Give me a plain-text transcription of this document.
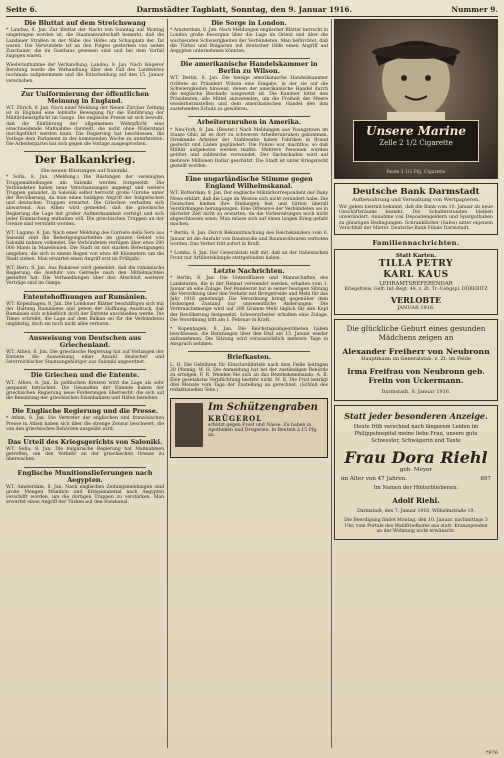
Seite 6.	Darmstädter Tagblatt, Sonntag, den 9. Januar 1916.	Nummer 9.
Die Bluttat auf dem Streichswang
* Landau, 8. Jan. Zur Bluttat der Nacht von Sonntag auf Montag eingetragen worden ist, die Staatsanwaltschaft bemerkt, daß die Landauer Straßen in der Nähe des Hofes am Schauplatz der Tat waren. Die Verwundete ist an den Folgen gestorben von seiten Zuschauer, die im Gasthaus gewesen sind und bei dem Vorfall zugegen waren.
Wiederaufnahme der Verhandlung. Landau, 8. Jan. Nach längerer Beratung wurde die Verhandlung über den Fall des Landwirtes nochmals aufgenommen und die Entscheidung auf den 15. Januar verschoben.
Zur Uniformierung der öffentlichen Meinung in England.
W.T. Zürich, 8. Jan. Nach einer Meldung der Neuen Zürcher Zeitung ist in England eine lebhafte Bewegung für die Einführung der Militärdienstpflicht im Gange. Die englische Presse ist sich bewußt, daß die Einführung der allgemeinen Wehrpflicht eine einschneidende Maßnahme darstellt, die nicht ohne Widerstand durchgeführt werden kann. Die Regierung hat beschlossen, die Vorlage dem Parlament in der kommenden Woche zu unterbreiten. Die Arbeiterpartei hat sich gegen die Vorlage ausgesprochen.
Der Balkankrieg.
Die neuen Rüstungen auf Saloniki.
* Sofia, 8. Jan. (Meldung.) Die Rüstungen der vereinigten Truppenabteilungen um Saloniki werden fortgesetzt. Die Verbündeten haben neue Verschanzungen angelegt und weitere Truppen gelandet. In Saloniki selbst herrscht große Unruhe unter der Bevölkerung, da man einen baldigen Angriff der bulgarischen und deutschen Truppen erwartet. Die Griechen verhalten sich abwartend. Aus Athen wird gemeldet, daß die griechische Regierung die Lage mit großer Aufmerksamkeit verfolgt und sich jeder Einmischung enthalten will. Die griechischen Truppen an der Grenze sind verstärkt worden.
W.T. Lugano, 8. Jan. Nach einer Meldung des Corriere della Sera aus Saloniki sind die Befestigungsarbeiten im ganzen Gebiet von Saloniki nahezu vollendet. Die Verbündeten verfügen über etwa 200 000 Mann in Mazedonien. Die Stadt ist mit starken Befestigungen umgeben, die sich in einem Bogen von etwa 40 Kilometern um die Stadt ziehen. Man erwartet einen Angriff erst im Frühjahr.
W.T. Bern, 8. Jan. Aus Bukarest wird gemeldet, daß die rumänische Regierung die Ausfuhr von Getreide nach den Mittelmächten gestattet hat. Die Verhandlungen über den Abschluß weiterer Verträge sind im Gange.
Ententehoffnungen auf Rumänien.
W.T. Kopenhagen, 8. Jan. Die Londoner Blätter beschäftigen sich mit der Haltung Rumäniens und geben der Hoffnung Ausdruck, daß Rumänien sich schließlich doch der Entente anschließen werde. Die Times schreibt, die Lage auf dem Balkan sei für die Verbündeten ungünstig, doch sei noch nicht alles verloren.
Ausweisung von Deutschen aus Griechenland.
W.T. Athen, 8. Jan. Die griechische Regierung hat auf Verlangen der Entente die Ausweisung einer Anzahl deutscher und österreichischer Staatsangehöriger aus Saloniki angeordnet.
Die Griechen und die Entente.
W.T. Athen, 8. Jan. In politischen Kreisen wird die Lage als sehr gespannt betrachtet. Die Gesandten der Entente haben der griechischen Regierung neue Forderungen überreicht, die sich auf die Benutzung der griechischen Eisenbahnen und Häfen beziehen.
Die Englische Regierung und die Presse.
* Athen, 8. Jan. Die Vertreter der englischen und französischen Presse in Athen haben sich über die strenge Zensur beschwert, die von den griechischen Behörden ausgeübt wird.
Das Urteil des Kriegsgerichts von Saloniki.
W.T. Sofia, 8. Jan. Die bulgarische Regierung hat Maßnahmen getroffen, um den Verkehr an der griechischen Grenze zu überwachen.
Englische Munitionslieferungen nach Aegypten.
W.T. Amsterdam, 8. Jan. Nach englischen Zeitungsmeldungen sind große Mengen Munition und Kriegsmaterial nach Aegypten verschifft worden, um die dortigen Truppen zu verstärken. Man erwartet einen Angriff der Türken auf den Suezkanal.
Die Sorge in London.
* Amsterdam, 8. Jan. Nach Meldungen englischer Blätter herrscht in London große Besorgnis über die Lage im Orient und über die wachsenden Schwierigkeiten der Verbündeten. Man befürchtet, daß die Türkei und Bulgarien mit deutscher Hilfe einen Angriff auf Aegypten unternehmen könnten.
Die amerikanische Handelskammer in Berlin zu Wilson.
W.T. Berlin, 8. Jan. Die hiesige amerikanische Handelskammer richtete an Präsident Wilson eine Eingabe, in der sie auf die Schwierigkeiten hinweist, denen der amerikanische Handel durch die englische Blockade ausgesetzt ist. Die Kammer bittet den Präsidenten, alle Mittel anzuwenden, um die Freiheit der Meere wiederherzustellen und dem amerikanischen Handel den ihm zustehenden Schutz zu gewähren.
Arbeiterunruhen in Amerika.
* Neu-York, 8. Jan. (Reuter.) Nach Meldungen aus Youngstown im Staate Ohio ist es dort zu schweren Arbeiterunruhen gekommen. Streikende Arbeiter der Stahlwerke haben Fabriken in Brand gesteckt und Läden geplündert. Die Polizei war machtlos, so daß Militär aufgeboten werden mußte. Mehrere Personen wurden getötet und zahlreiche verwundet. Der Sachschaden wird auf mehrere Millionen Dollar geschätzt. Die Stadt ist unter Kriegsrecht gestellt worden.
Eine ungarländische Stimme gegen England Wilhelmskanal.
W.T. Rotterdam, 8. Jan. Der englische Militärkorrespondent der Daily News erklärt, daß die Lage im Westen sich nicht verändert habe. Die Deutschen hielten ihre Stellungen fest und hätten überall Verstärkungen herangezogen. Eine Offensive der Verbündeten sei in nächster Zeit nicht zu erwarten, da die Vorbereitungen noch nicht abgeschlossen seien. Man müsse sich auf einen langen Krieg gefaßt machen.
* Berlin, 8. Jan. Durch Bekanntmachung des Reichskanzlers vom 6. Januar ist die Ausfuhr von Baumwolle und Baumwollwaren verboten worden. Das Verbot tritt sofort in Kraft.
* Lomba, 8. Jan. Der Generalstab teilt mit, daß an der italienischen Front nur Artilleriekämpfe stattgefunden haben.
Letzte Nachrichten.
* Berlin, 8. Jan. Die Unteroffiziere und Mannschaften des Landsturms, die in der Heimat verwendet werden, erhalten vom 1. Januar ab eine Zulage. Der Bundesrat hat in seiner heutigen Sitzung die Verordnung über den Verkehr mit Brotgetreide und Mehl für das Jahr 1916 genehmigt. Die Verordnung bringt gegenüber dem bisherigen Zustand nur unwesentliche Änderungen. Die Verbrauchsmenge wird auf 200 Gramm Mehl täglich für den Kopf der Bevölkerung festgesetzt. Schwerarbeiter erhalten eine Zulage. Die Verordnung tritt am 1. Februar in Kraft.
* Kopenhagen, 8. Jan. Die Reichstagsabgeordneten haben beschlossen, die Beratungen über den Etat am 15. Januar wieder aufzunehmen. Die Sitzung wird voraussichtlich mehrere Tage in Anspruch nehmen.
Briefkasten.
L. H. Die Gebühren für Einschreibbriefe nach dem Felde betragen 20 Pfennig. W. H. Die Anmeldung hat bei der zuständigen Behörde zu erfolgen. P. R. Wenden Sie sich an das Bezirkskommando. A. B. Eine gesetzliche Verpflichtung besteht nicht. M. K. Die Frist beträgt drei Monate vom Tage der Zustellung an gerechnet. (Schluß des redaktionellen Teils.)
Im Schützengraben
KRÜGEROL
schützt gegen Frost und Nässe. Zu haben in Apotheken und Drogerien. In Beuteln à 15 Pfg. an.
Unsere Marine
Zelle 2 1/2 Cigarette
Beste 3 1/2 Pfg. Cigarette
Deutsche Bank Darmstadt
Aufbewahrung und Verwaltung von Wertpapieren.
Wir geben hiermit bekannt, daß die Bank vom 10. Januar ab neue Geschäftsräume bezieht. Die Schalterstunden bleiben unverändert. Annahme von Depositengeldern und Sparguthaben zu günstigen Bedingungen. Schrankfächer (Safes) unter eigenem Verschluß der Mieter. Deutsche Bank Filiale Darmstadt.
Familiennachrichten.
Statt Karten.
TILLA PETRY
KARL KAUS
LEHRAMTSREFERENDAR
Kriegsfreiw. Gefr. Inf.-Regt. 48, z. Zt. Tr.-Uebgspl. DÖBERITZ
VERLOBTE
JANUAR 1916.
Die glückliche Geburt eines gesunden Mädchens zeigen an
Alexander Freiherr von Neubronn
Hauptmann im Generalstab, z. Zt. im Felde
Irma Freifrau von Neubronn geb. Freiin von Uckermann.
Darmstadt, 8. Januar 1916.
Statt jeder besonderen Anzeige.
Heute früh verschied nach längerem Leiden im Philippshospital meine liebe Frau, unsere gute Schwester, Schwägerin und Tante
Frau Dora Riehl
geb. Meyer
im Alter von 47 Jahren.	897
Im Namen der Hinterbliebenen:
Adolf Riehl.
Darmstadt, den 7. Januar 1916. Wilhelmstraße 19.
Die Beerdigung findet Montag, den 10. Januar, nachmittags 3 Uhr, vom Portale des Waldfriedhofes aus statt. Kranzspenden an der Wohnung nicht erwünscht.
*976
